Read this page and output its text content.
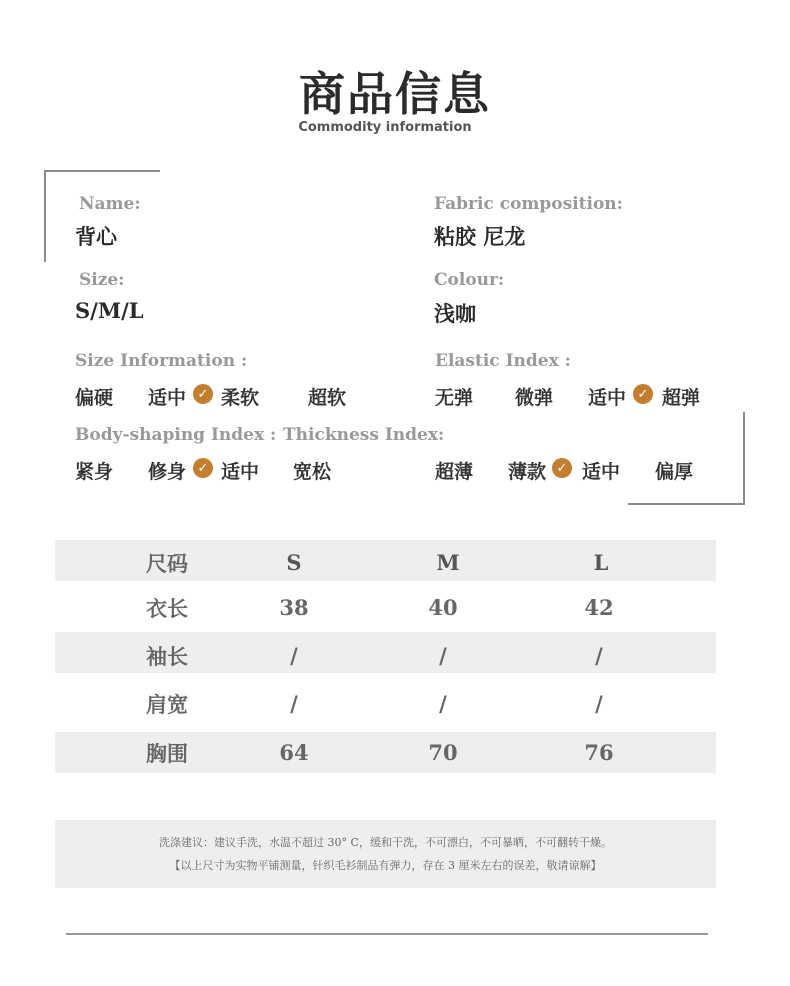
商品信息
Commodity information
Name:
背心
Fabric composition:
粘胶 尼龙
Size:
S/M/L
Colour:
浅咖
Size Information :	Elastic Index :
偏硬 适中 ✓ 柔软	超软	无弹 微弹 适中 ✓ 超弹
Body-shaping Index : Thickness Index:
紧身 修身 ✓ 适中 宽松	超薄 薄款 ✓ 适中 偏厚
尺码	S	M	L
衣长	38	40	42
袖长	/	/	/
肩宽	/	/	/
胸围	64	70	76
洗涤建议：建议手洗，水温不超过 30° C，缓和干洗，不可漂白，不可暴晒，不可翻转干燥。
【以上尺寸为实物平铺测量，针织毛衫制品有弹力，存在 3 厘米左右的误差，敬请谅解】
